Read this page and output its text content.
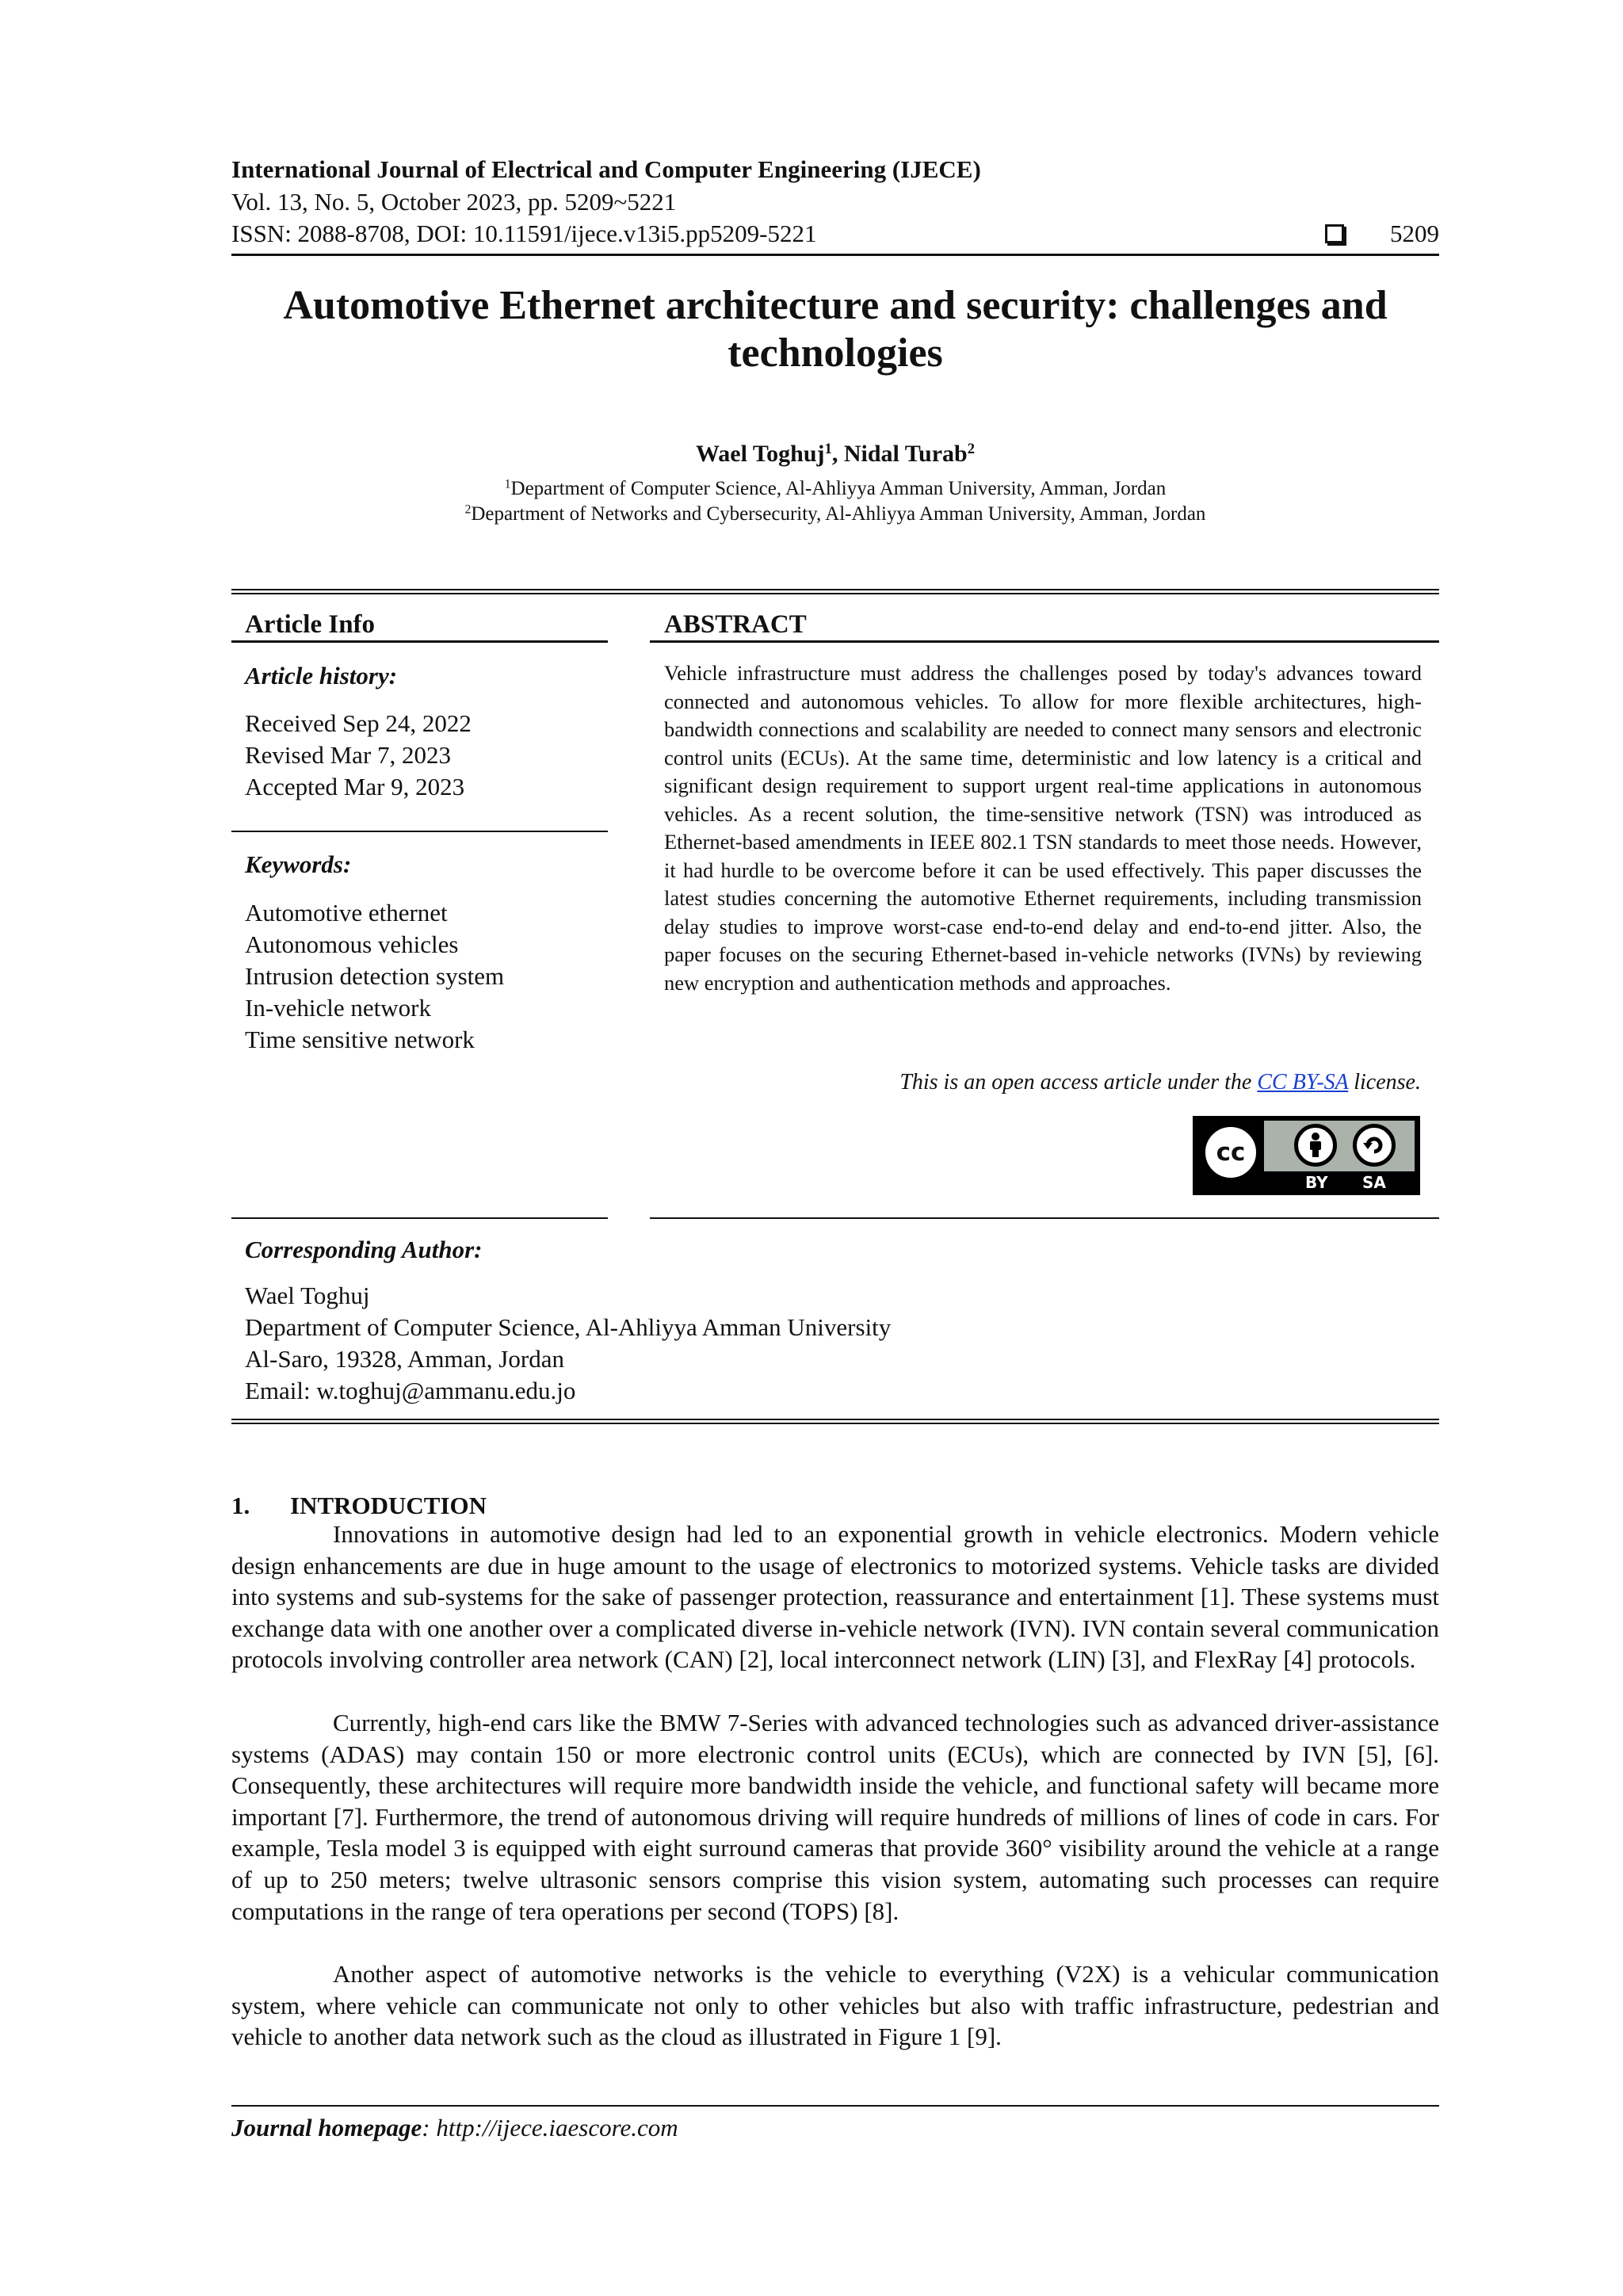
International Journal of Electrical and Computer Engineering (IJECE)
Vol. 13, No. 5, October 2023, pp. 5209~5221
ISSN: 2088-8708, DOI: 10.11591/ijece.v13i5.pp5209-5221	5209
Automotive Ethernet architecture and security: challenges and technologies
Wael Toghuj$^1$, Nidal Turab$^2$
$^1$Department of Computer Science, Al-Ahliyya Amman University, Amman, Jordan
$^2$Department of Networks and Cybersecurity, Al-Ahliyya Amman University, Amman, Jordan
Article Info
Article history:
Received Sep 24, 2022
Revised Mar 7, 2023
Accepted Mar 9, 2023
Keywords:
Automotive ethernet
Autonomous vehicles
Intrusion detection system
In-vehicle network
Time sensitive network
ABSTRACT
Vehicle infrastructure must address the challenges posed by today's advances toward connected and autonomous vehicles. To allow for more flexible architectures, high-bandwidth connections and scalability are needed to connect many sensors and electronic control units (ECUs). At the same time, deterministic and low latency is a critical and significant design requirement to support urgent real-time applications in autonomous vehicles. As a recent solution, the time-sensitive network (TSN) was introduced as Ethernet-based amendments in IEEE 802.1 TSN standards to meet those needs. However, it had hurdle to be overcome before it can be used effectively. This paper discusses the latest studies concerning the automotive Ethernet requirements, including transmission delay studies to improve worst-case end-to-end delay and end-to-end jitter. Also, the paper focuses on the securing Ethernet-based in-vehicle networks (IVNs) by reviewing new encryption and authentication methods and approaches.
This is an open access article under the CC BY-SA license.
cc
BY SA
Corresponding Author:
Wael Toghuj
Department of Computer Science, Al-Ahliyya Amman University
Al-Saro, 19328, Amman, Jordan
Email: w.toghuj@ammanu.edu.jo
1. INTRODUCTION

Innovations in automotive design had led to an exponential growth in vehicle electronics. Modern vehicle design enhancements are due in huge amount to the usage of electronics to motorized systems. Vehicle tasks are divided into systems and sub-systems for the sake of passenger protection, reassurance and entertainment [1]. These systems must exchange data with one another over a complicated diverse in-vehicle network (IVN). IVN contain several communication protocols involving controller area network (CAN) [2], local interconnect network (LIN) [3], and FlexRay [4] protocols.

Currently, high-end cars like the BMW 7-Series with advanced technologies such as advanced driver-assistance systems (ADAS) may contain 150 or more electronic control units (ECUs), which are connected by IVN [5], [6]. Consequently, these architectures will require more bandwidth inside the vehicle, and functional safety will became more important [7]. Furthermore, the trend of autonomous driving will require hundreds of millions of lines of code in cars. For example, Tesla model 3 is equipped with eight surround cameras that provide 360° visibility around the vehicle at a range of up to 250 meters; twelve ultrasonic sensors comprise this vision system, automating such processes can require computations in the range of tera operations per second (TOPS) [8].

Another aspect of automotive networks is the vehicle to everything (V2X) is a vehicular communication system, where vehicle can communicate not only to other vehicles but also with traffic infrastructure, pedestrian and vehicle to another data network such as the cloud as illustrated in Figure 1 [9].

Journal homepage: http://ijece.iaescore.com
